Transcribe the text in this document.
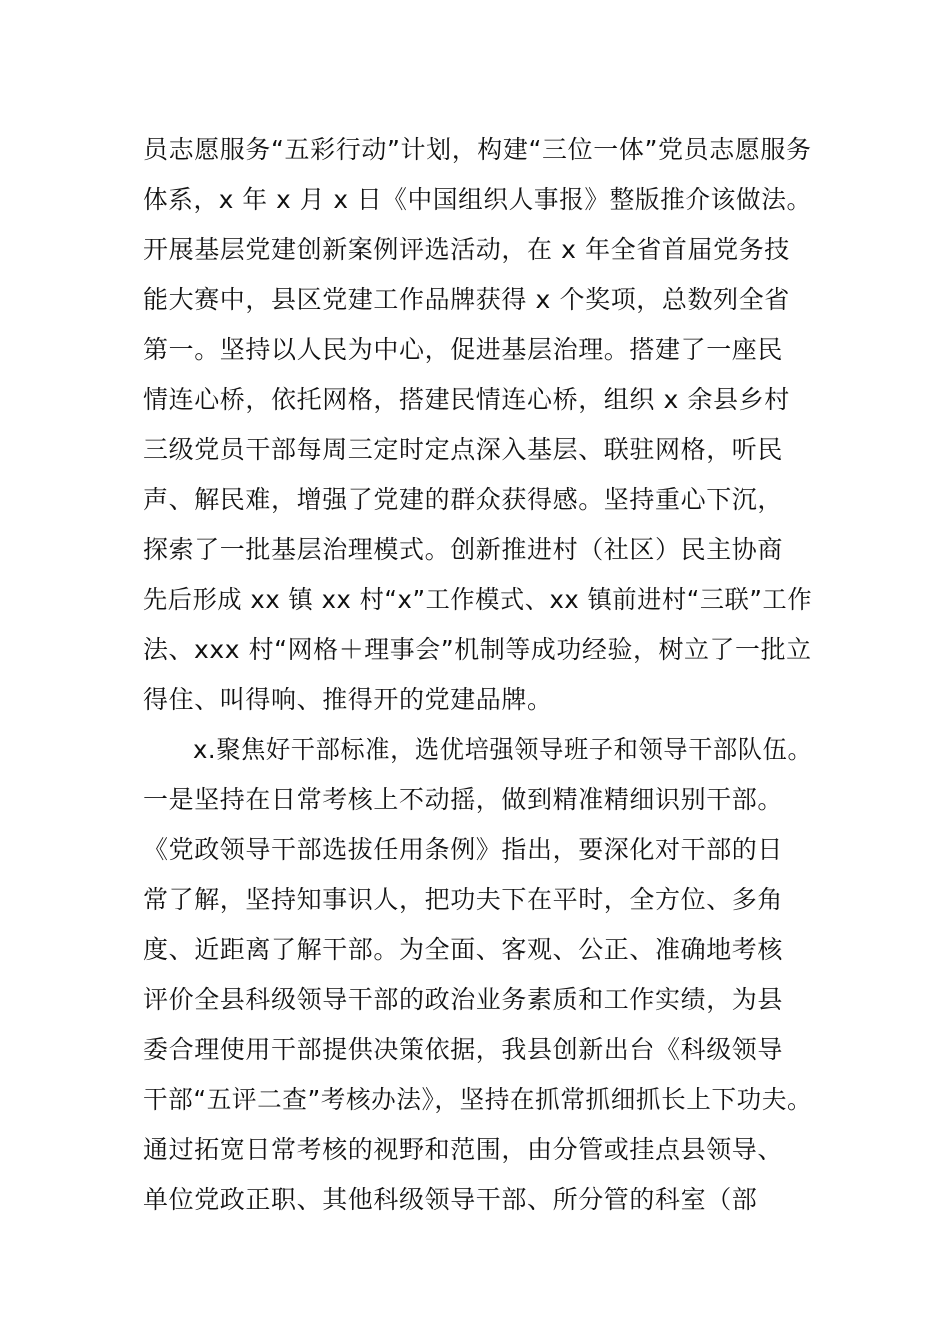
员志愿服务“五彩行动”计划，构建“三位一体”党员志愿服务
体系，x 年 x 月 x 日《中国组织人事报》整版推介该做法。
开展基层党建创新案例评选活动，在 x 年全省首届党务技
能大赛中，县区党建工作品牌获得 x 个奖项，总数列全省
第一。坚持以人民为中心，促进基层治理。搭建了一座民
情连心桥，依托网格，搭建民情连心桥，组织 x 余县乡村
三级党员干部每周三定时定点深入基层、联驻网格，听民
声、解民难，增强了党建的群众获得感。坚持重心下沉，
探索了一批基层治理模式。创新推进村（社区）民主协商
先后形成 xx 镇 xx 村“x”工作模式、xx 镇前进村“三联”工作
法、xxx 村“网格＋理事会”机制等成功经验，树立了一批立
得住、叫得响、推得开的党建品牌。
x.聚焦好干部标准，选优培强领导班子和领导干部队伍。
一是坚持在日常考核上不动摇，做到精准精细识别干部。
《党政领导干部选拔任用条例》指出，要深化对干部的日
常了解，坚持知事识人，把功夫下在平时，全方位、多角
度、近距离了解干部。为全面、客观、公正、准确地考核
评价全县科级领导干部的政治业务素质和工作实绩，为县
委合理使用干部提供决策依据，我县创新出台《科级领导
干部“五评二查”考核办法》，坚持在抓常抓细抓长上下功夫。
通过拓宽日常考核的视野和范围，由分管或挂点县领导、
单位党政正职、其他科级领导干部、所分管的科室（部
